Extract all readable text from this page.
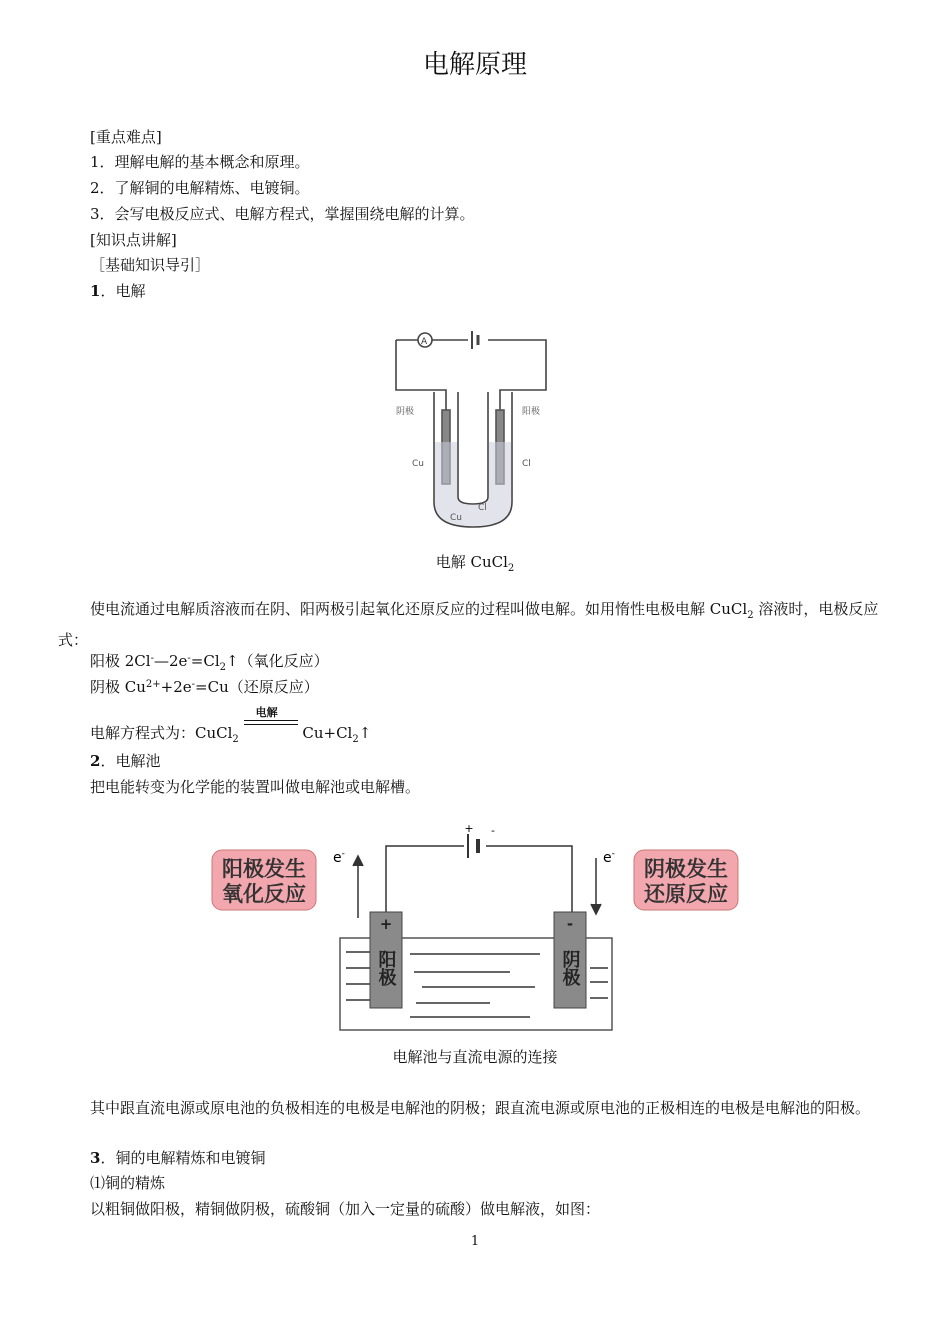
电解原理
[重点难点]
1．理解电解的基本概念和原理。
2．了解铜的电解精炼、电镀铜。
3．会写电极反应式、电解方程式，掌握围绕电解的计算。
[知识点讲解]
［基础知识导引］
1．电解
A
阴极	阳极
Cu	Cl
Cl
Cu
电解 CuCl$_2$
使电流通过电解质溶液而在阴、阳两极引起氧化还原反应的过程叫做电解。如用惰性电极电解 CuCl$_2$ 溶液时，电极反应式：
阳极 $2Cl^-—2e^-=Cl_2↑$（氧化反应）
阴极 $Cu^{2+}+2e^-=Cu$（还原反应）
电解方程式为：CuCl$_2$
电解
$Cu+Cl_2↑$
2．电解池
把电能转变为化学能的装置叫做电解池或电解槽。
阳极发生
氧化反应
阴极发生
还原反应
+ -
e-	e-
+	-
阳极	阴极
电解池与直流电源的连接
其中跟直流电源或原电池的负极相连的电极是电解池的阴极；跟直流电源或原电池的正极相连的电极是电解池的阳极。
3．铜的电解精炼和电镀铜
⑴铜的精炼
以粗铜做阳极，精铜做阴极，硫酸铜（加入一定量的硫酸）做电解液，如图：
1
